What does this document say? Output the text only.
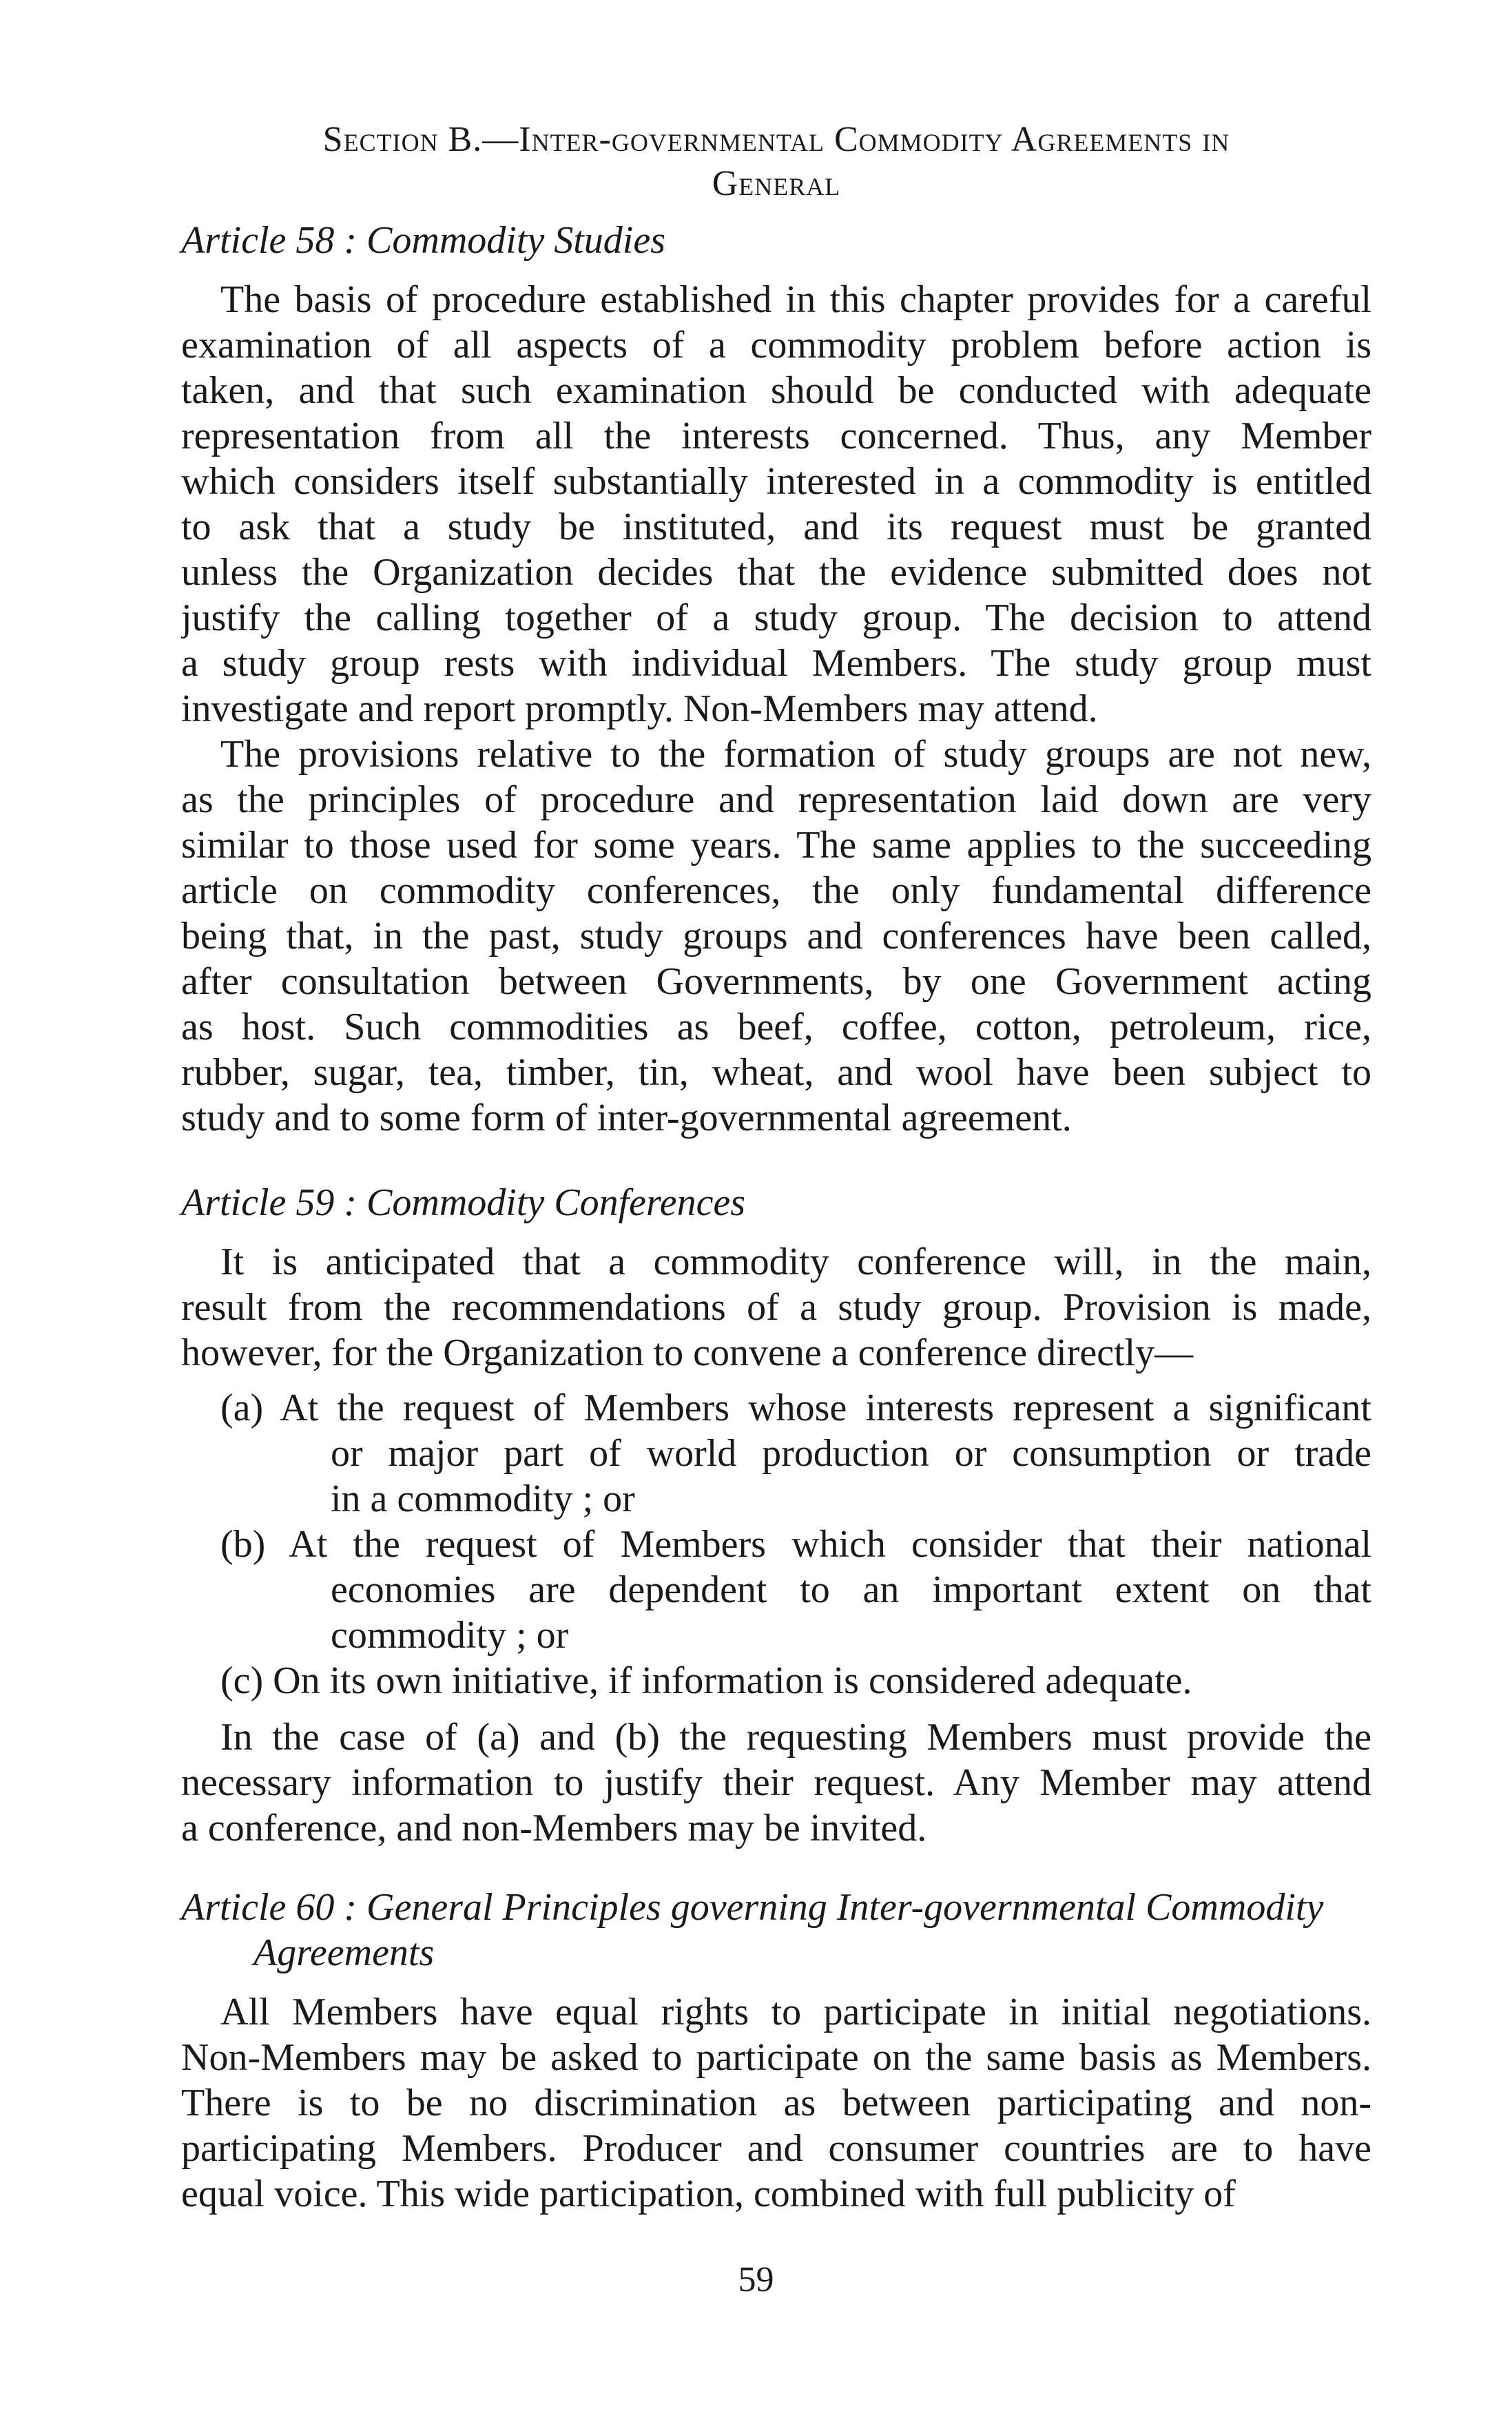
Section B.—Inter-governmental Commodity Agreements in
General
Article 58 : Commodity Studies
The basis of procedure established in this chapter provides for a careful
examination of all aspects of a commodity problem before action is
taken, and that such examination should be conducted with adequate
representation from all the interests concerned. Thus, any Member
which considers itself substantially interested in a commodity is entitled
to ask that a study be instituted, and its request must be granted
unless the Organization decides that the evidence submitted does not
justify the calling together of a study group. The decision to attend
a study group rests with individual Members. The study group must
investigate and report promptly. Non-Members may attend.
The provisions relative to the formation of study groups are not new,
as the principles of procedure and representation laid down are very
similar to those used for some years. The same applies to the succeeding
article on commodity conferences, the only fundamental difference
being that, in the past, study groups and conferences have been called,
after consultation between Governments, by one Government acting
as host. Such commodities as beef, coffee, cotton, petroleum, rice,
rubber, sugar, tea, timber, tin, wheat, and wool have been subject to
study and to some form of inter-governmental agreement.
Article 59 : Commodity Conferences
It is anticipated that a commodity conference will, in the main,
result from the recommendations of a study group. Provision is made,
however, for the Organization to convene a conference directly—
(a) At the request of Members whose interests represent a significant
or major part of world production or consumption or trade
in a commodity ; or
(b) At the request of Members which consider that their national
economies are dependent to an important extent on that
commodity ; or
(c) On its own initiative, if information is considered adequate.
In the case of (a) and (b) the requesting Members must provide the
necessary information to justify their request. Any Member may attend
a conference, and non-Members may be invited.
Article 60 : General Principles governing Inter-governmental Commodity
Agreements
All Members have equal rights to participate in initial negotiations.
Non-Members may be asked to participate on the same basis as Members.
There is to be no discrimination as between participating and non-
participating Members. Producer and consumer countries are to have
equal voice. This wide participation, combined with full publicity of
59
